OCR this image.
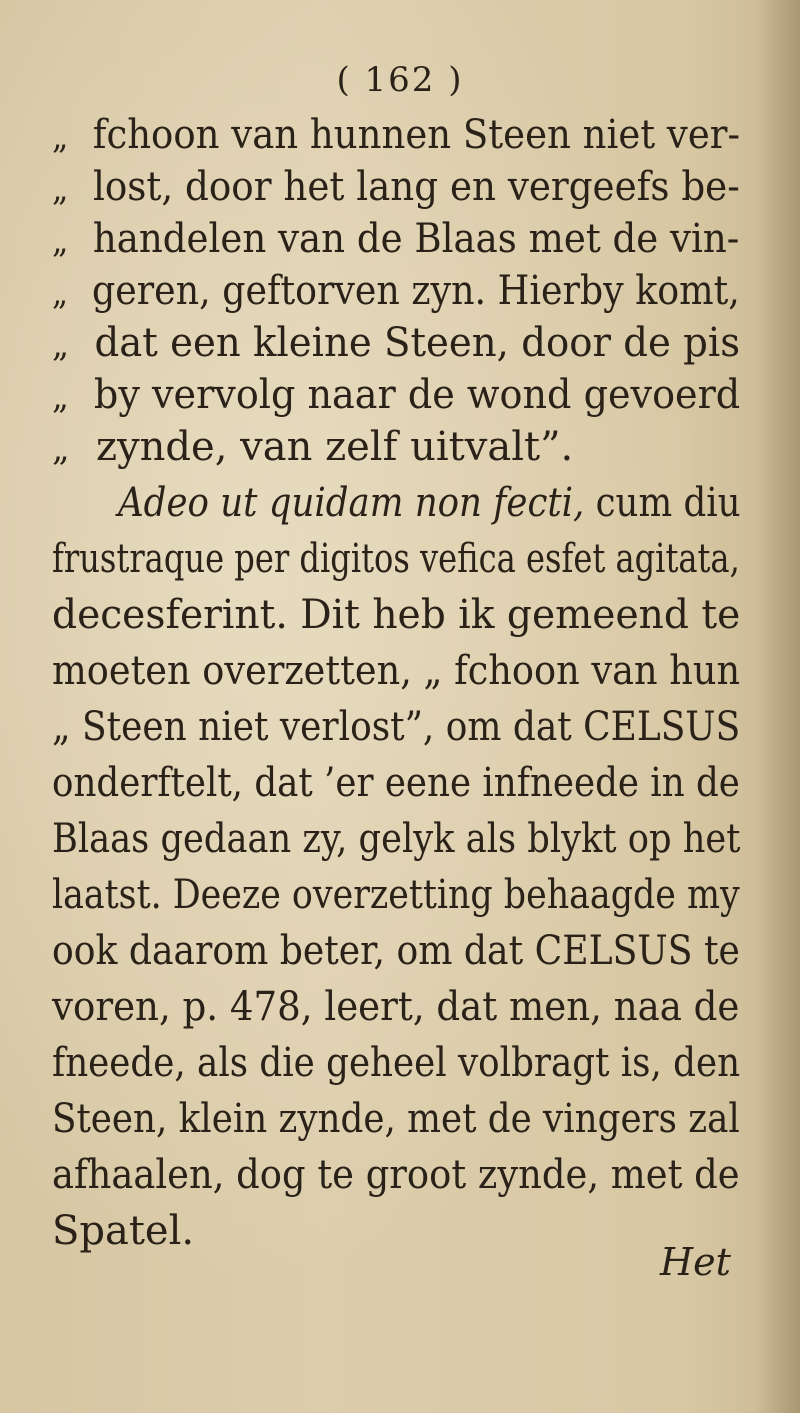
( 162 )
„ fchoon van hunnen Steen niet ver-
„ lost, door het lang en vergeefs be-
„ handelen van de Blaas met de vin-
„ geren, geftorven zyn. Hierby komt,
„ dat een kleine Steen, door de pis
„ by vervolg naar de wond gevoerd
„ zynde, van zelf uitvalt”.
Adeo ut quidam non fecti, cum diu
frustraque per digitos vefica esfet agitata,
decesferint. Dit heb ik gemeend te
moeten overzetten, „ fchoon van hun
„ Steen niet verlost”, om dat CELSUS
onderftelt, dat ’er eene infneede in de
Blaas gedaan zy, gelyk als blykt op het
laatst. Deeze overzetting behaagde my
ook daarom beter, om dat CELSUS te
voren, p. 478, leert, dat men, naa de
fneede, als die geheel volbragt is, den
Steen, klein zynde, met de vingers zal
afhaalen, dog te groot zynde, met de
Spatel.
Het
